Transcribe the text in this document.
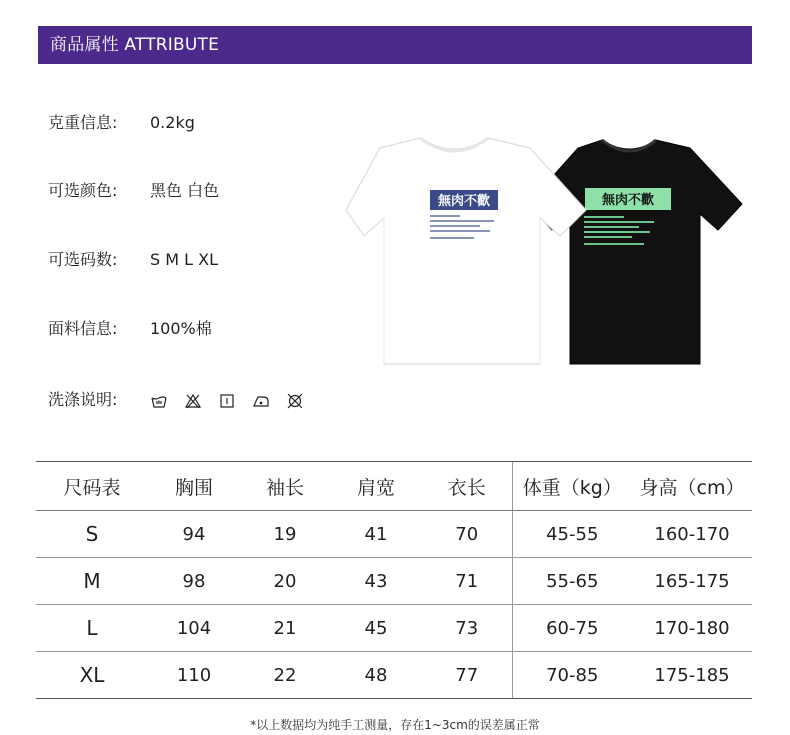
商品属性 ATTRIBUTE
克重信息: 0.2kg
可选颜色: 黑色 白色
可选码数: S M L XL
面料信息: 100%棉
洗涤说明:
無肉不歡
無肉不歡
尺码表	胸围	袖长	肩宽	衣长	体重（kg）	身高（cm）
S	94	19	41	70	45-55	160-170
M	98	20	43	71	55-65	165-175
L	104	21	45	73	60-75	170-180
XL	110	22	48	77	70-85	175-185
*以上数据均为纯手工测量，存在1~3cm的误差属正常
